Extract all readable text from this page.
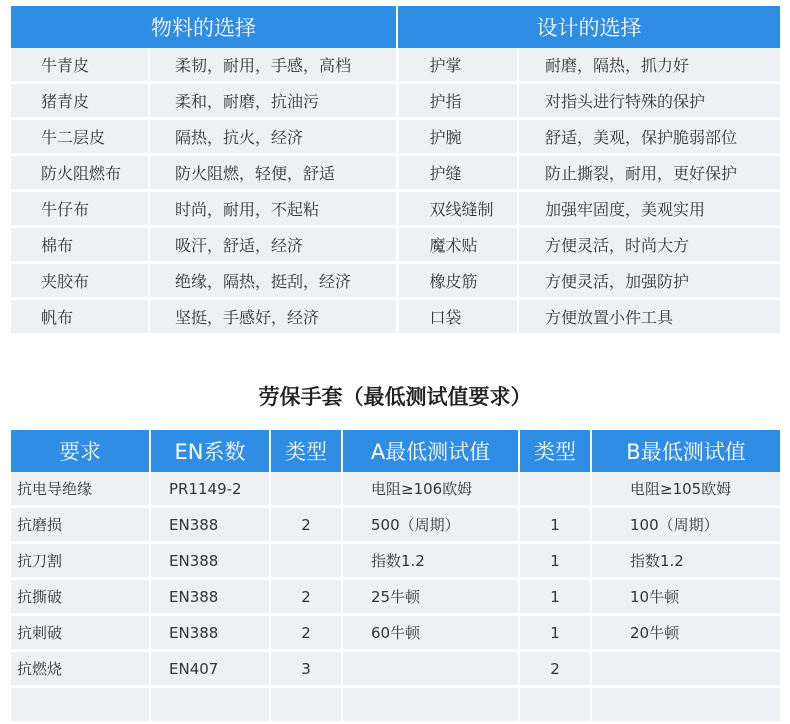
物料的选择		设计的选择	
牛青皮	柔韧，耐用，手感，高档	护掌	耐磨，隔热，抓力好
猪青皮	柔和，耐磨，抗油污	护指	对指头进行特殊的保护
牛二层皮	隔热，抗火，经济	护腕	舒适，美观，保护脆弱部位
防火阻燃布	防火阻燃，轻便，舒适	护缝	防止撕裂，耐用，更好保护
牛仔布	时尚，耐用，不起粘	双线缝制	加强牢固度，美观实用
棉布	吸汗，舒适，经济	魔术贴	方便灵活，时尚大方
夹胶布	绝缘，隔热，挺刮，经济	橡皮筋	方便灵活，加强防护
帆布	坚挺，手感好，经济	口袋	方便放置小件工具
劳保手套（最低测试值要求）
要求	EN系数	类型	A最低测试值	类型	B最低测试值
抗电导绝缘	PR1149-2		电阻≥106欧姆		电阻≥105欧姆
抗磨损	EN388	2	500（周期）	1	100（周期）
抗刀割	EN388		指数1.2	1	指数1.2
抗撕破	EN388	2	25牛顿	1	10牛顿
抗刺破	EN388	2	60牛顿	1	20牛顿
抗燃烧	EN407	3		2	
